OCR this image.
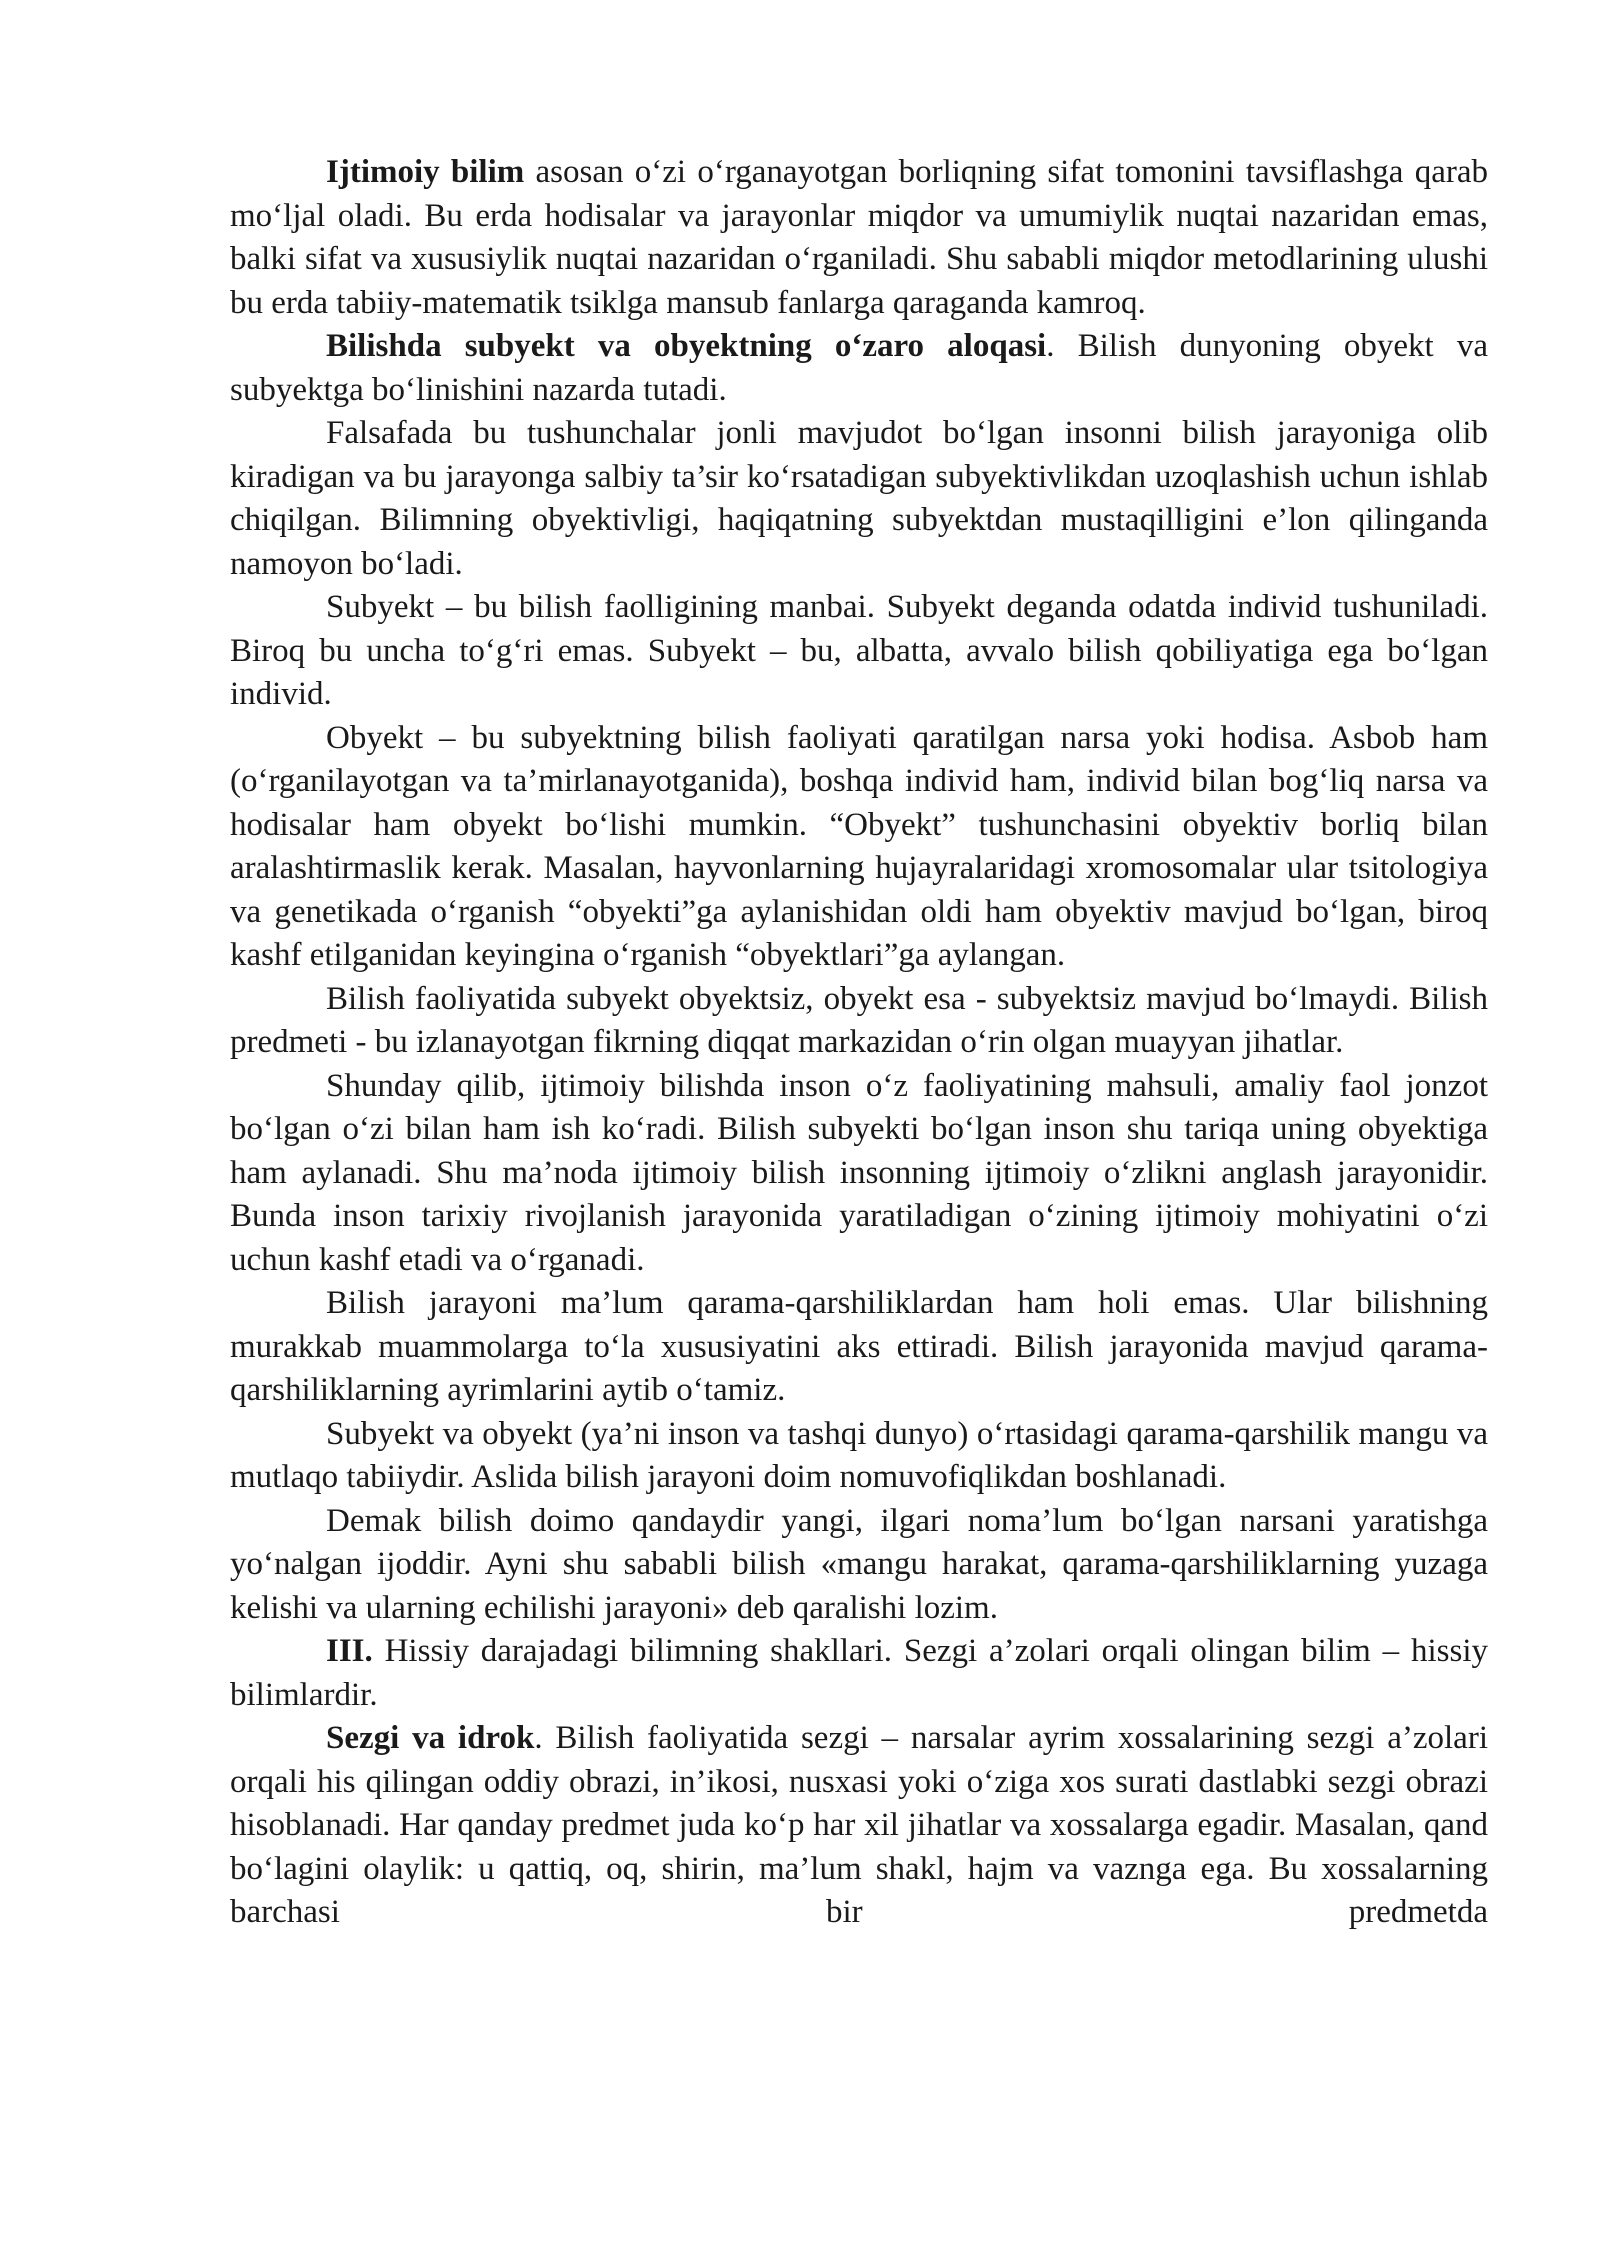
Ijtimoiy bilim asosan o‘zi o‘rganayotgan borliqning sifat tomonini tavsiflashga qarab mo‘ljal oladi. Bu erda hodisalar va jarayonlar miqdor va umumiylik nuqtai nazaridan emas, balki sifat va xususiylik nuqtai nazaridan o‘rganiladi. Shu sababli miqdor metodlarining ulushi bu erda tabiiy-matematik tsiklga mansub fanlarga qaraganda kamroq.

Bilishda subyekt va obyektning o‘zaro aloqasi. Bilish dunyoning obyekt va subyektga bo‘linishini nazarda tutadi.

Falsafada bu tushunchalar jonli mavjudot bo‘lgan insonni bilish jarayoniga olib kiradigan va bu jarayonga salbiy ta’sir ko‘rsatadigan subyektivlikdan uzoqlashish uchun ishlab chiqilgan. Bilimning obyektivligi, haqiqatning subyektdan mustaqilligini e’lon qilinganda namoyon bo‘ladi.

Subyekt – bu bilish faolligining manbai. Subyekt deganda odatda individ tushuniladi. Biroq bu uncha to‘g‘ri emas. Subyekt – bu, albatta, avvalo bilish qobiliyatiga ega bo‘lgan individ.

Obyekt – bu subyektning bilish faoliyati qaratilgan narsa yoki hodisa. Asbob ham (o‘rganilayotgan va ta’mirlanayotganida), boshqa individ ham, individ bilan bog‘liq narsa va hodisalar ham obyekt bo‘lishi mumkin. “Obyekt” tushunchasini obyektiv borliq bilan aralashtirmaslik kerak. Masalan, hayvonlarning hujayralaridagi xromosomalar ular tsitologiya va genetikada o‘rganish “obyekti”ga aylanishidan oldi ham obyektiv mavjud bo‘lgan, biroq kashf etilganidan keyingina o‘rganish “obyektlari”ga aylangan.

Bilish faoliyatida subyekt obyektsiz, obyekt esa - subyektsiz mavjud bo‘lmaydi. Bilish predmeti - bu izlanayotgan fikrning diqqat markazidan o‘rin olgan muayyan jihatlar.

Shunday qilib, ijtimoiy bilishda inson o‘z faoliyatining mahsuli, amaliy faol jonzot bo‘lgan o‘zi bilan ham ish ko‘radi. Bilish subyekti bo‘lgan inson shu tariqa uning obyektiga ham aylanadi. Shu ma’noda ijtimoiy bilish insonning ijtimoiy o‘zlikni anglash jarayonidir. Bunda inson tarixiy rivojlanish jarayonida yaratiladigan o‘zining ijtimoiy mohiyatini o‘zi uchun kashf etadi va o‘rganadi.

Bilish jarayoni ma’lum qarama-qarshiliklardan ham holi emas. Ular bilishning murakkab muammolarga to‘la xususiyatini aks ettiradi. Bilish jarayonida mavjud qarama-qarshiliklarning ayrimlarini aytib o‘tamiz.

Subyekt va obyekt (ya’ni inson va tashqi dunyo) o‘rtasidagi qarama-qarshilik mangu va mutlaqo tabiiydir. Aslida bilish jarayoni doim nomuvofiqlikdan boshlanadi.

Demak bilish doimo qandaydir yangi, ilgari noma’lum bo‘lgan narsani yaratishga yo‘nalgan ijoddir. Ayni shu sababli bilish «mangu harakat, qarama-qarshiliklarning yuzaga kelishi va ularning echilishi jarayoni» deb qaralishi lozim.

III. Hissiy darajadagi bilimning shakllari. Sezgi a’zolari orqali olingan bilim – hissiy bilimlardir.

Sezgi va idrok. Bilish faoliyatida sezgi – narsalar ayrim xossalarining sezgi a’zolari orqali his qilingan oddiy obrazi, in’ikosi, nusxasi yoki o‘ziga xos surati dastlabki sezgi obrazi hisoblanadi. Har qanday predmet juda ko‘p har xil jihatlar va xossalarga egadir. Masalan, qand bo‘lagini olaylik: u qattiq, oq, shirin, ma’lum shakl, hajm va vaznga ega. Bu xossalarning barchasi bir predmetda
